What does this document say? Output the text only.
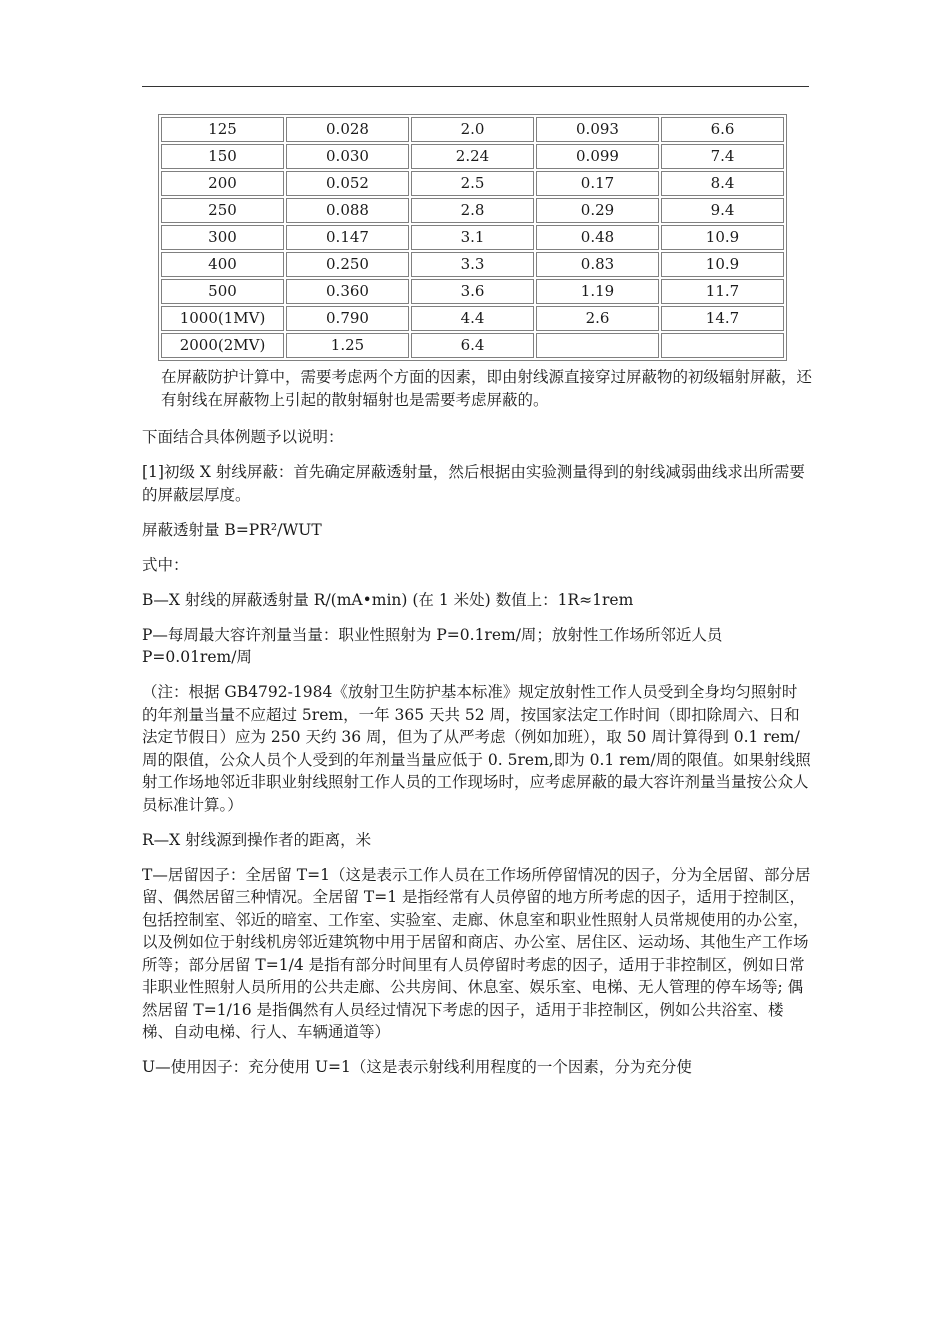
125	0.028	2.0	0.093	6.6
150	0.030	2.24	0.099	7.4
200	0.052	2.5	0.17	8.4
250	0.088	2.8	0.29	9.4
300	0.147	3.1	0.48	10.9
400	0.250	3.3	0.83	10.9
500	0.360	3.6	1.19	11.7
1000(1MV)	0.790	4.4	2.6	14.7
2000(2MV)	1.25	6.4		

在屏蔽防护计算中，需要考虑两个方面的因素，即由射线源直接穿过屏蔽物的初级辐射屏蔽，还有射线在屏蔽物上引起的散射辐射也是需要考虑屏蔽的。

下面结合具体例题予以说明：

[1]初级 X 射线屏蔽：首先确定屏蔽透射量，然后根据由实验测量得到的射线减弱曲线求出所需要的屏蔽层厚度。

屏蔽透射量 B=PR²/WUT

式中：

B—X 射线的屏蔽透射量 R/(mA•min) (在 1 米处) 数值上：1R≈1rem

P—每周最大容许剂量当量：职业性照射为 P=0.1rem/周；放射性工作场所邻近人员 P=0.01rem/周

（注：根据 GB4792-1984《放射卫生防护基本标准》规定放射性工作人员受到全身均匀照射时的年剂量当量不应超过 5rem，一年 365 天共 52 周，按国家法定工作时间（即扣除周六、日和法定节假日）应为 250 天约 36 周，但为了从严考虑（例如加班），取 50 周计算得到 0.1 rem/周的限值，公众人员个人受到的年剂量当量应低于 0. 5rem,即为 0.1 rem/周的限值。如果射线照射工作场地邻近非职业射线照射工作人员的工作现场时，应考虑屏蔽的最大容许剂量当量按公众人员标准计算。）

R—X 射线源到操作者的距离，米

T—居留因子：全居留 T=1（这是表示工作人员在工作场所停留情况的因子，分为全居留、部分居留、偶然居留三种情况。全居留 T=1 是指经常有人员停留的地方所考虑的因子，适用于控制区，包括控制室、邻近的暗室、工作室、实验室、走廊、休息室和职业性照射人员常规使用的办公室，以及例如位于射线机房邻近建筑物中用于居留和商店、办公室、居住区、运动场、其他生产工作场所等；部分居留 T=1/4 是指有部分时间里有人员停留时考虑的因子，适用于非控制区，例如日常非职业性照射人员所用的公共走廊、公共房间、休息室、娱乐室、电梯、无人管理的停车场等; 偶然居留 T=1/16 是指偶然有人员经过情况下考虑的因子，适用于非控制区，例如公共浴室、楼梯、自动电梯、行人、车辆通道等）

U—使用因子：充分使用 U=1（这是表示射线利用程度的一个因素，分为充分使
